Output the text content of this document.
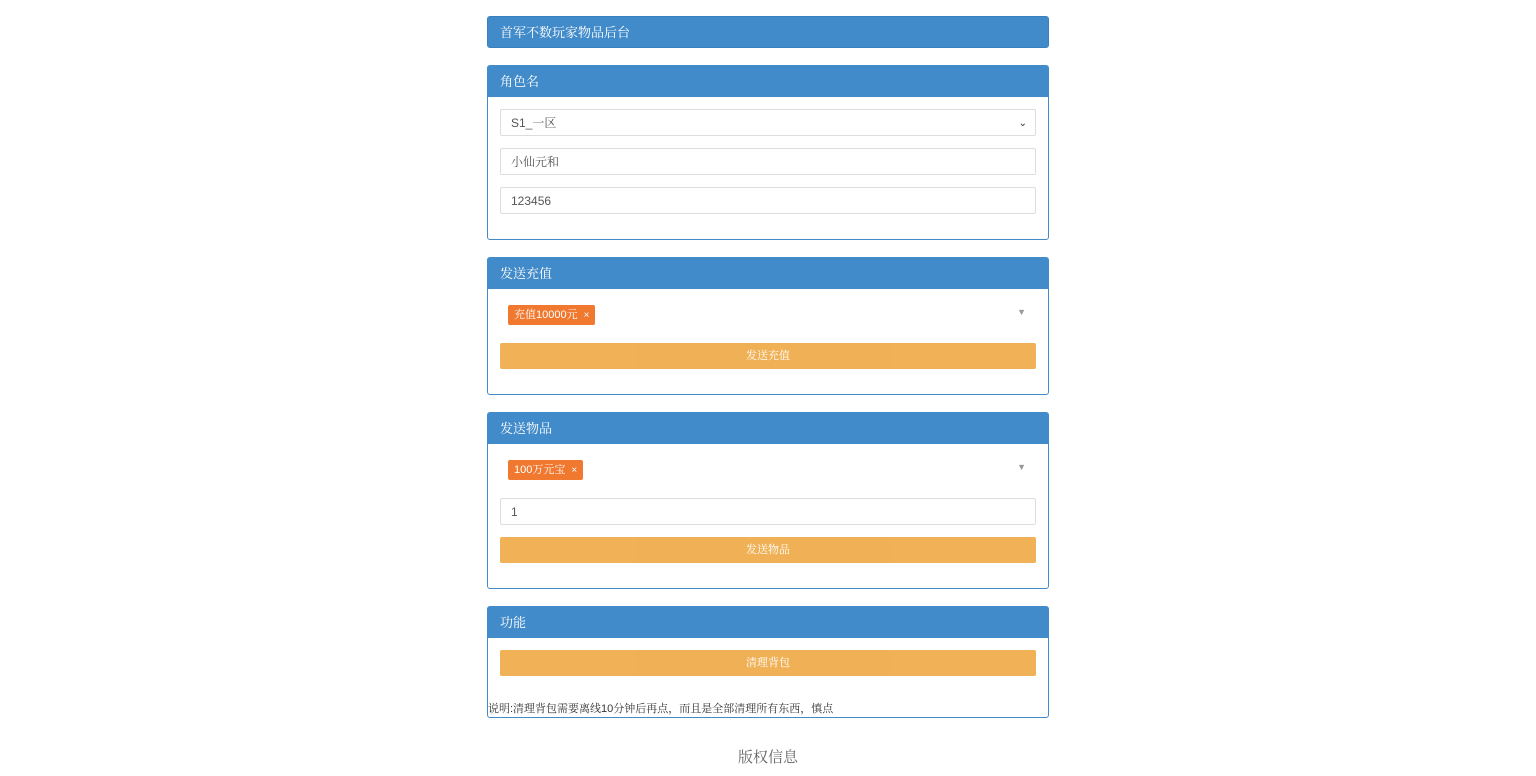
首军不数玩家物品后台
角色名
S1_一区	⌄
小仙元和
123456
发送充值
充值10000元 ×	▼
发送充值
发送物品
100万元宝 ×	▼
1
发送物品
功能
清理背包
说明:清理背包需要离线10分钟后再点，而且是全部清理所有东西，慎点
版权信息
